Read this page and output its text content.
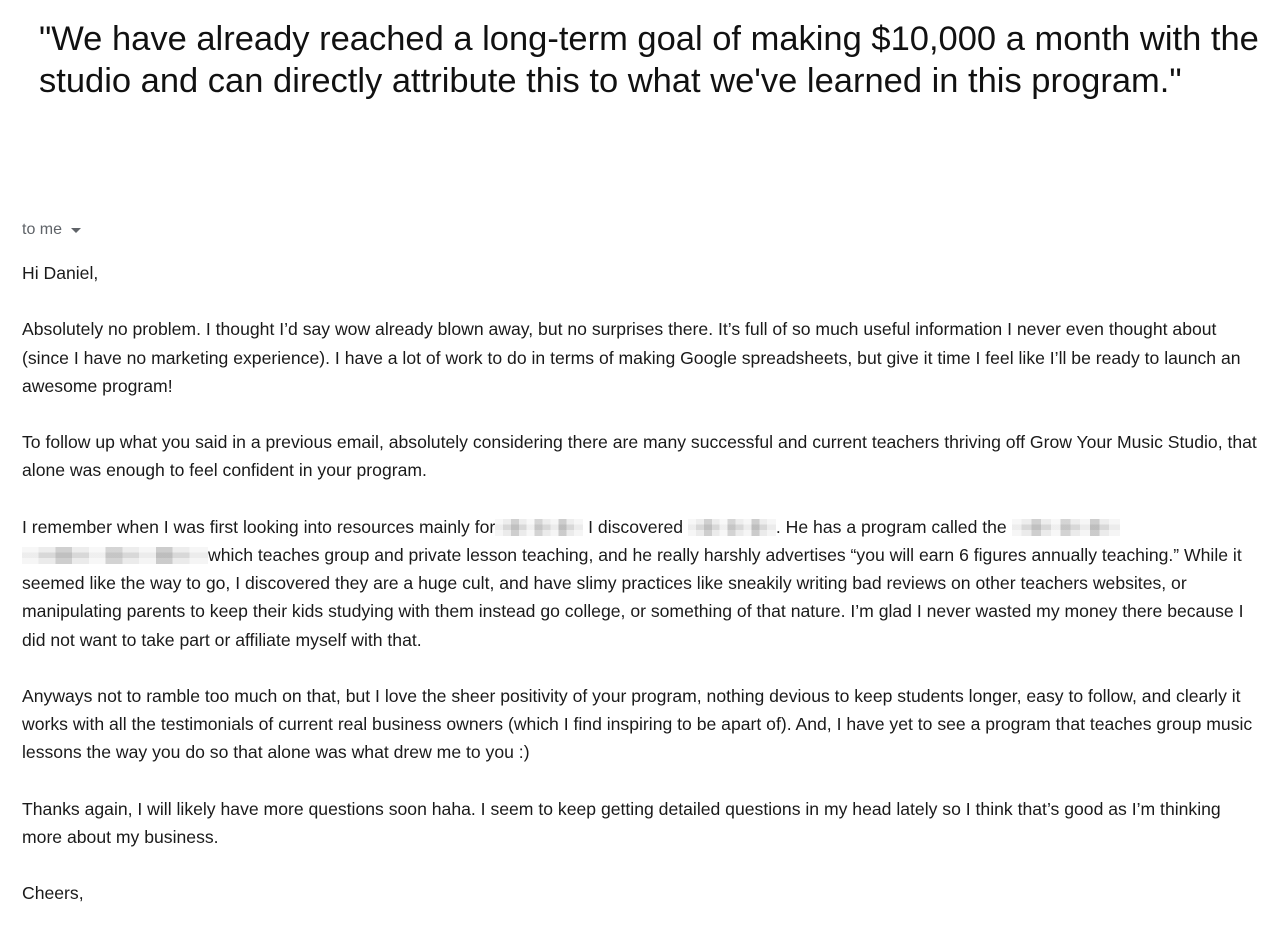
"We have already reached a long-term goal of making $10,000 a month with the studio and can directly attribute this to what we've learned in this program."
to me

Hi Daniel,

Absolutely no problem. I thought I’d say wow already blown away, but no surprises there. It’s full of so much useful information I never even thought about (since I have no marketing experience). I have a lot of work to do in terms of making Google spreadsheets, but give it time I feel like I’ll be ready to launch an awesome program!

To follow up what you said in a previous email, absolutely considering there are many successful and current teachers thriving off Grow Your Music Studio, that alone was enough to feel confident in your program.

I remember when I was first looking into resources mainly for	I discovered	. He has a program called the  which teaches group and private lesson teaching, and he really harshly advertises “you will earn 6 figures annually teaching.” While it seemed like the way to go, I discovered they are a huge cult, and have slimy practices like sneakily writing bad reviews on other teachers websites, or manipulating parents to keep their kids studying with them instead go college, or something of that nature. I’m glad I never wasted my money there because I did not want to take part or affiliate myself with that.

Anyways not to ramble too much on that, but I love the sheer positivity of your program, nothing devious to keep students longer, easy to follow, and clearly it works with all the testimonials of current real business owners (which I find inspiring to be apart of). And, I have yet to see a program that teaches group music lessons the way you do so that alone was what drew me to you :)

Thanks again, I will likely have more questions soon haha. I seem to keep getting detailed questions in my head lately so I think that’s good as I’m thinking more about my business.

Cheers,
